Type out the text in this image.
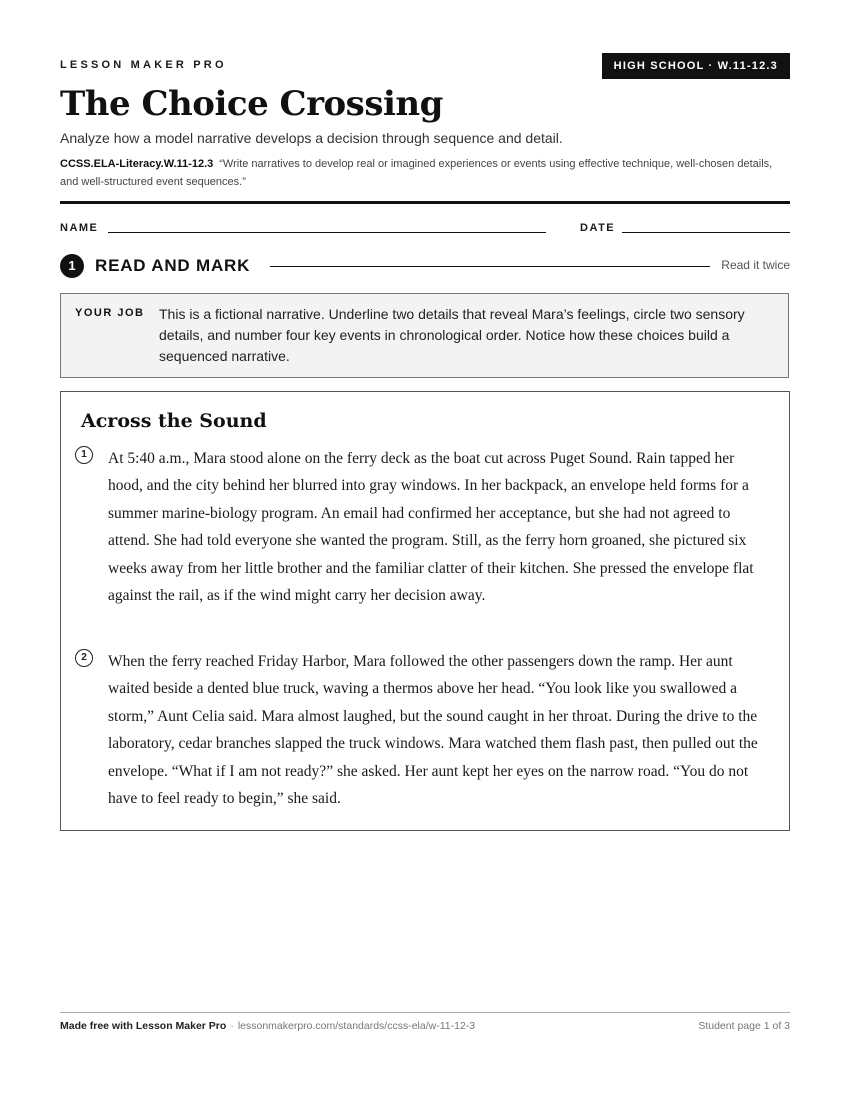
LESSON MAKER PRO	HIGH SCHOOL · W.11-12.3
The Choice Crossing
Analyze how a model narrative develops a decision through sequence and detail.
CCSS.ELA-Literacy.W.11-12.3 “Write narratives to develop real or imagined experiences or events using effective technique, well-chosen details, and well-structured event sequences.”
NAME	DATE
1	READ AND MARK	Read it twice
YOUR JOB This is a fictional narrative. Underline two details that reveal Mara’s feelings, circle two sensory details, and number four key events in chronological order. Notice how these choices build a sequenced narrative.
Across the Sound
1	At 5:40 a.m., Mara stood alone on the ferry deck as the boat cut across Puget Sound. Rain tapped her hood, and the city behind her blurred into gray windows. In her backpack, an envelope held forms for a summer marine-biology program. An email had confirmed her acceptance, but she had not agreed to attend. She had told everyone she wanted the program. Still, as the ferry horn groaned, she pictured six weeks away from her little brother and the familiar clatter of their kitchen. She pressed the envelope flat against the rail, as if the wind might carry her decision away.

2	When the ferry reached Friday Harbor, Mara followed the other passengers down the ramp. Her aunt waited beside a dented blue truck, waving a thermos above her head. “You look like you swallowed a storm,” Aunt Celia said. Mara almost laughed, but the sound caught in her throat. During the drive to the laboratory, cedar branches slapped the truck windows. Mara watched them flash past, then pulled out the envelope. “What if I am not ready?” she asked. Her aunt kept her eyes on the narrow road. “You do not have to feel ready to begin,” she said.

Made free with Lesson Maker Pro · lessonmakerpro.com/standards/ccss-ela/w-11-12-3	Student page 1 of 3
